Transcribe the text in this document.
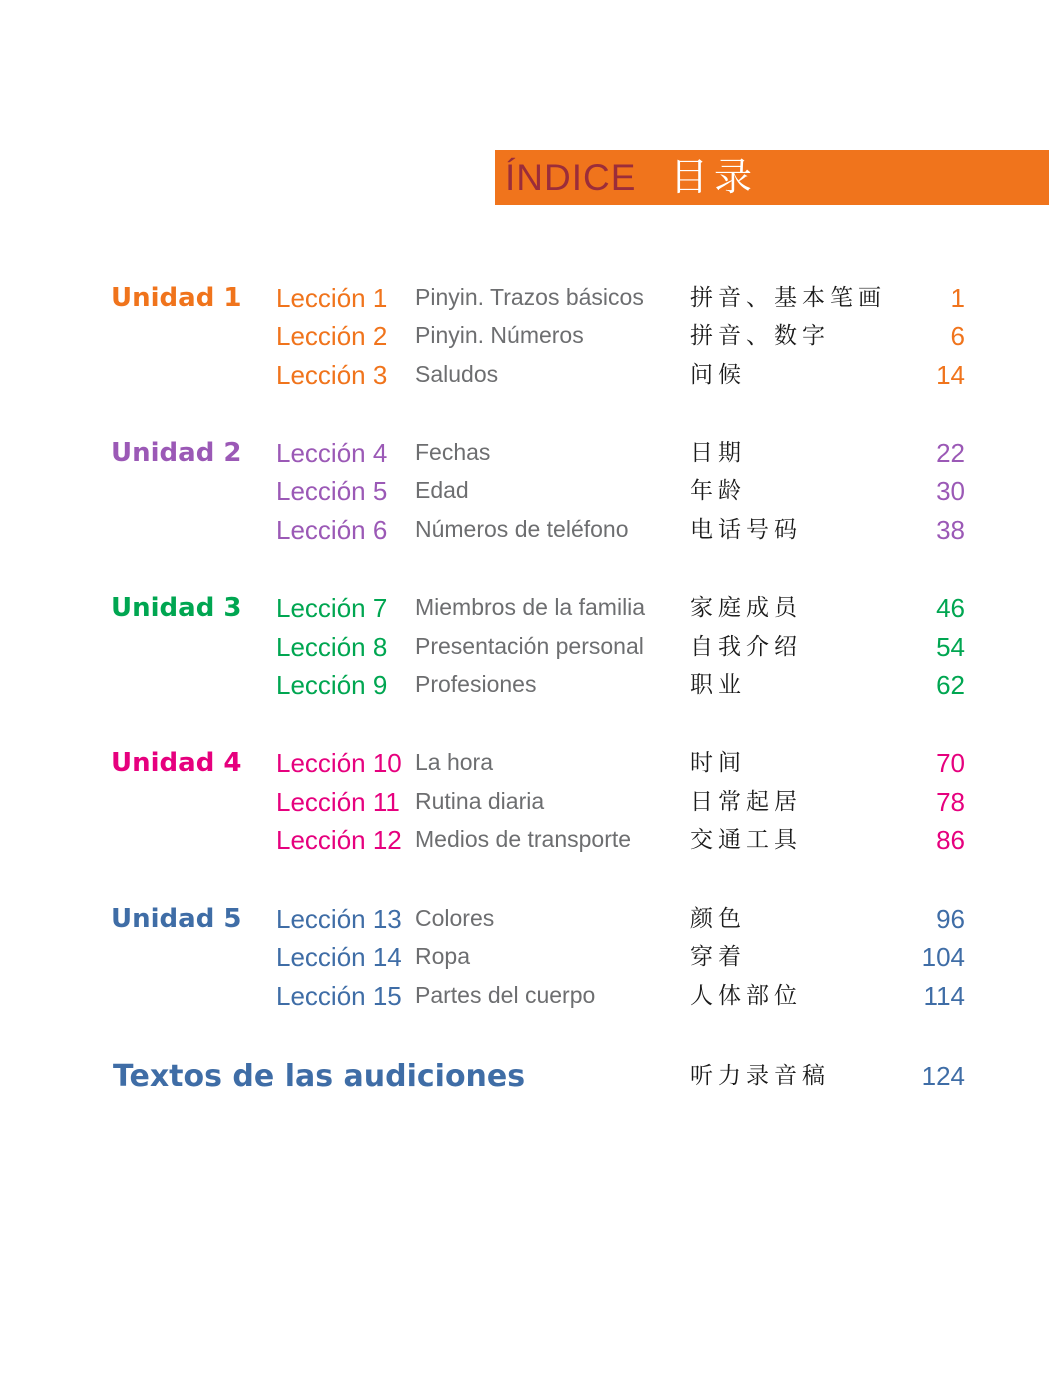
ÍNDICE 目录
Unidad 1 Lección 1 Pinyin. Trazos básicos 拼音、基本笔画 1
Lección 2 Pinyin. Números	拼音、数字	6
Lección 3 Saludos	问候	14
Unidad 2 Lección 4 Fechas	日期	22
Lección 5 Edad	年龄	30
Lección 6 Números de teléfono	电话号码	38
Unidad 3 Lección 7 Miembros de la familia 家庭成员	46
Lección 8 Presentación personal 自我介绍	54
Lección 9 Profesiones	职业	62
Unidad 4 Lección 10 La hora	时间	70
Lección 11 Rutina diaria	日常起居	78
Lección 12 Medios de transporte	交通工具	86
Unidad 5 Lección 13 Colores	颜色	96
Lección 14 Ropa	穿着	104
Lección 15 Partes del cuerpo	人体部位	114
Textos de las audiciones	听力录音稿	124
